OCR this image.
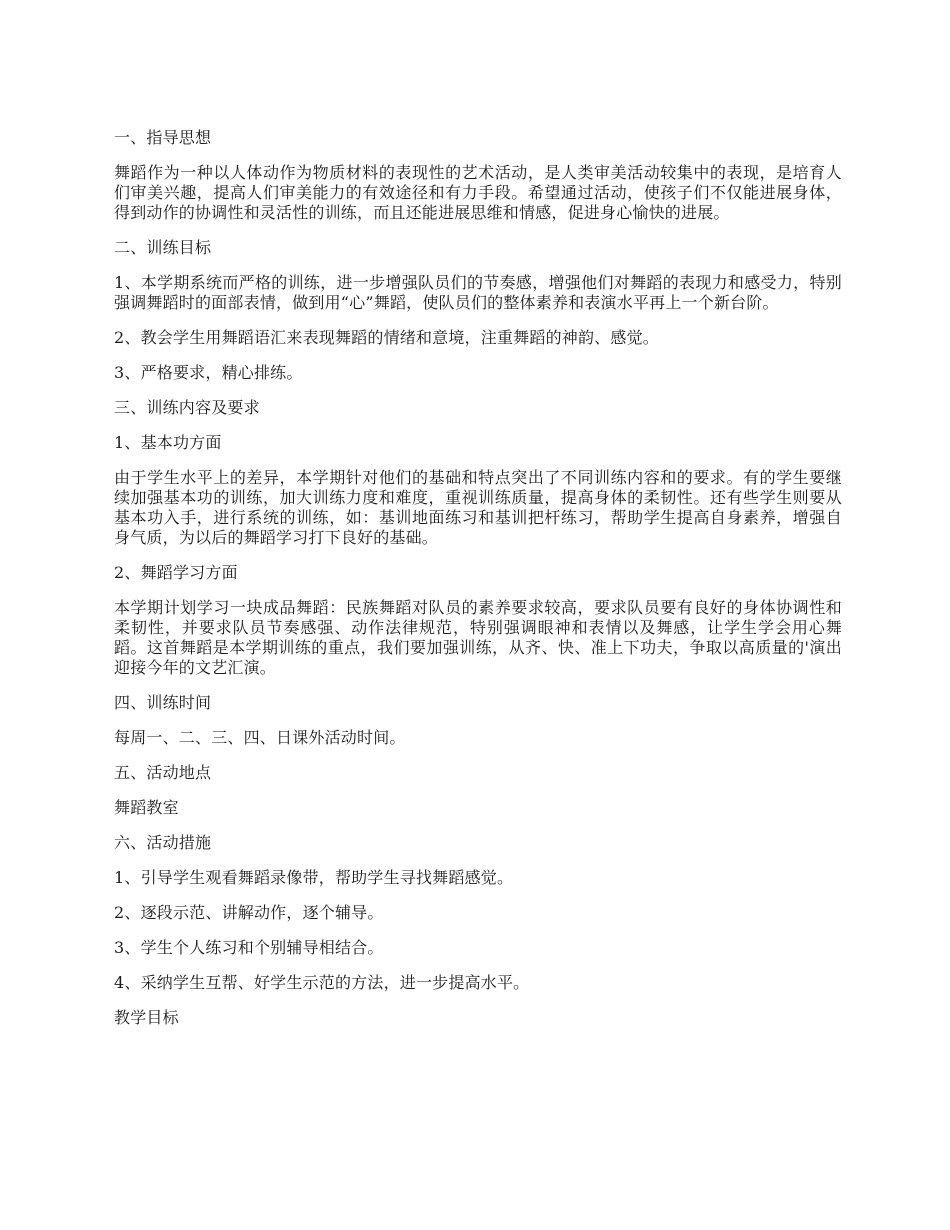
一、指导思想

舞蹈作为一种以人体动作为物质材料的表现性的艺术活动，是人类审美活动较集中的表现，是培育人们审美兴趣，提高人们审美能力的有效途径和有力手段。希望通过活动，使孩子们不仅能进展身体，得到动作的协调性和灵活性的训练，而且还能进展思维和情感，促进身心愉快的进展。

二、训练目标

1、本学期系统而严格的训练，进一步增强队员们的节奏感，增强他们对舞蹈的表现力和感受力，特别强调舞蹈时的面部表情，做到用“心”舞蹈，使队员们的整体素养和表演水平再上一个新台阶。

2、教会学生用舞蹈语汇来表现舞蹈的情绪和意境，注重舞蹈的神韵、感觉。

3、严格要求，精心排练。

三、训练内容及要求

1、基本功方面

由于学生水平上的差异，本学期针对他们的基础和特点突出了不同训练内容和的要求。有的学生要继续加强基本功的训练，加大训练力度和难度，重视训练质量，提高身体的柔韧性。还有些学生则要从基本功入手，进行系统的训练，如：基训地面练习和基训把杆练习，帮助学生提高自身素养，增强自身气质，为以后的舞蹈学习打下良好的基础。

2、舞蹈学习方面

本学期计划学习一块成品舞蹈：民族舞蹈对队员的素养要求较高，要求队员要有良好的身体协调性和柔韧性，并要求队员节奏感强、动作法律规范，特别强调眼神和表情以及舞感，让学生学会用心舞蹈。这首舞蹈是本学期训练的重点，我们要加强训练，从齐、快、准上下功夫，争取以高质量的'演出迎接今年的文艺汇演。

四、训练时间

每周一、二、三、四、日课外活动时间。

五、活动地点

舞蹈教室

六、活动措施

1、引导学生观看舞蹈录像带，帮助学生寻找舞蹈感觉。

2、逐段示范、讲解动作，逐个辅导。

3、学生个人练习和个别辅导相结合。

4、采纳学生互帮、好学生示范的方法，进一步提高水平。

教学目标
